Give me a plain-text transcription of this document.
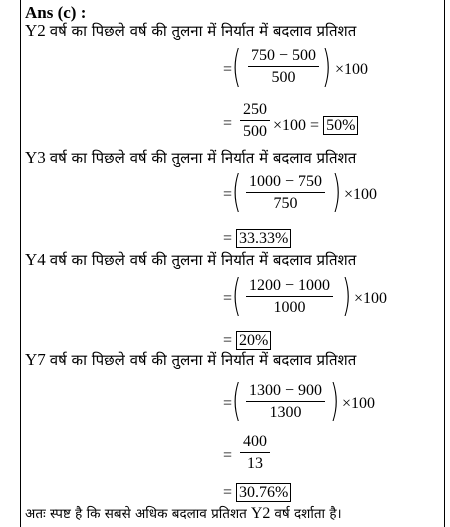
Ans (c) :
Y2 वर्ष का पिछले वर्ष की तुलना में निर्यात में बदलाव प्रतिशत
= ( $\frac{750 - 500}{500}$ ) ×100
= $\frac{250}{500} \times 100 = 50\%$
Y3 वर्ष का पिछले वर्ष की तुलना में निर्यात में बदलाव प्रतिशत
= ( $\frac{1000 - 750}{750}$ ) ×100
= 33.33%
Y4 वर्ष का पिछले वर्ष की तुलना में निर्यात में बदलाव प्रतिशत
= ( $\frac{1200 - 1000}{1000}$ ) ×100
= 20%
Y7 वर्ष का पिछले वर्ष की तुलना में निर्यात में बदलाव प्रतिशत
= ( $\frac{1300 - 900}{1300}$ ) ×100
= $\frac{400}{13}$
= 30.76%
अतः स्पष्ट है कि सबसे अधिक बदलाव प्रतिशत Y2 वर्ष दर्शाता है।
